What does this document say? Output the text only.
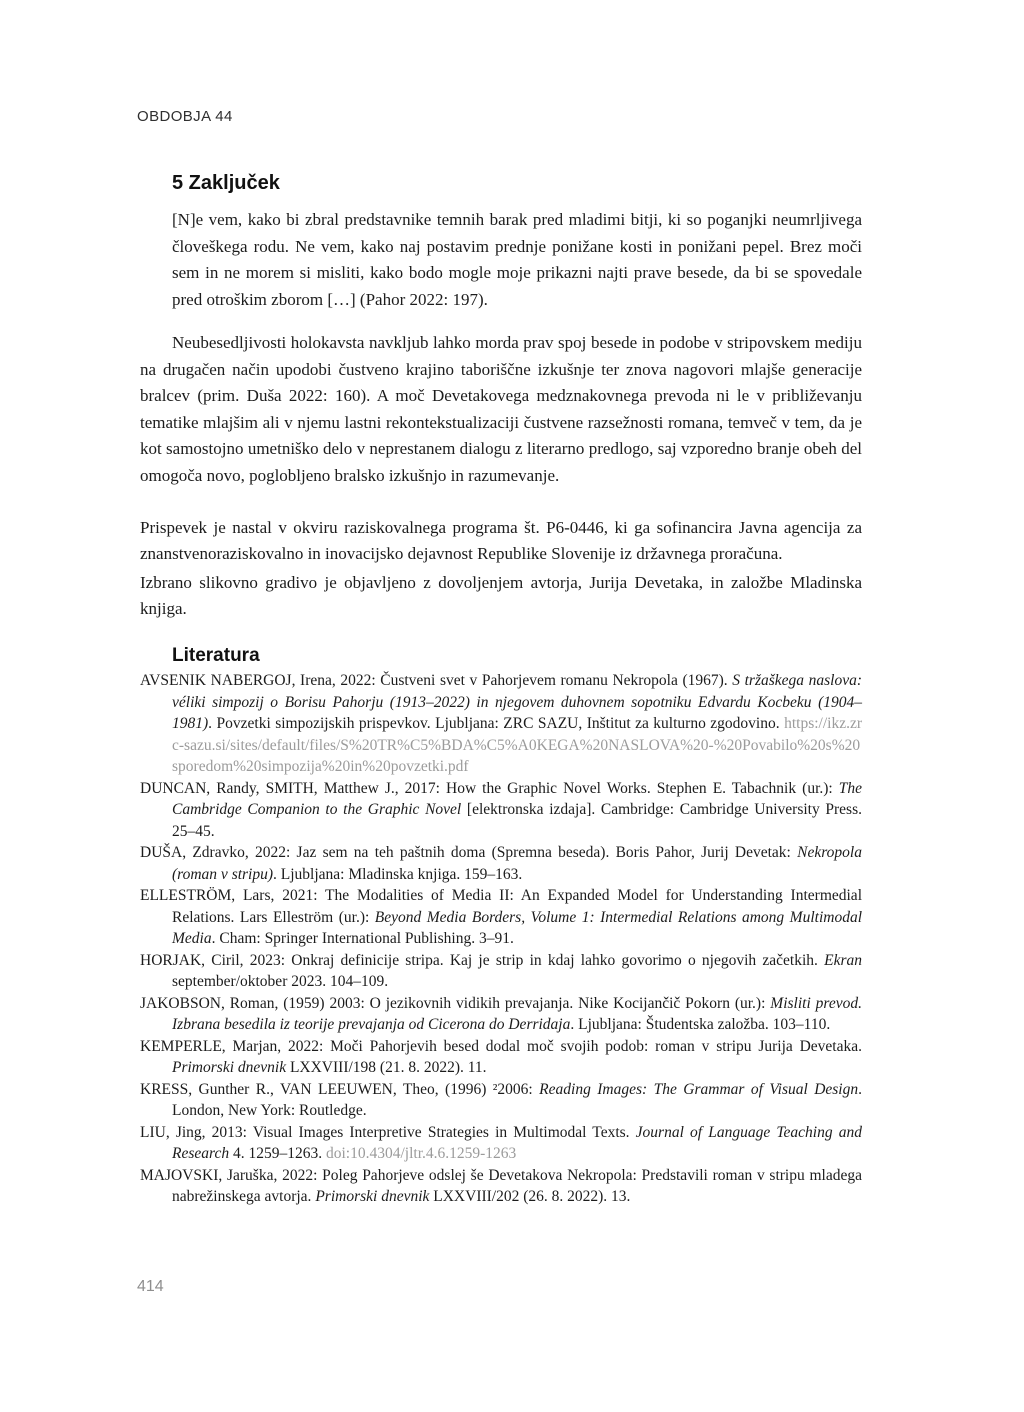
OBDOBJA 44
5 Zaključek

[N]e vem, kako bi zbral predstavnike temnih barak pred mladimi bitji, ki so poganjki neumrljivega človeškega rodu. Ne vem, kako naj postavim prednje ponižane kosti in ponižani pepel. Brez moči sem in ne morem si misliti, kako bodo mogle moje prikazni najti prave besede, da bi se spovedale pred otroškim zborom […] (Pahor 2022: 197).

Neubesedljivosti holokavsta navkljub lahko morda prav spoj besede in podobe v stripovskem mediju na drugačen način upodobi čustveno krajino taboriščne izkušnje ter znova nagovori mlajše generacije bralcev (prim. Duša 2022: 160). A moč Devetakovega medznakovnega prevoda ni le v približevanju tematike mlajšim ali v njemu lastni rekontekstualizaciji čustvene razsežnosti romana, temveč v tem, da je kot samostojno umetniško delo v neprestanem dialogu z literarno predlogo, saj vzporedno branje obeh del omogoča novo, poglobljeno bralsko izkušnjo in razumevanje.

Prispevek je nastal v okviru raziskovalnega programa št. P6-0446, ki ga sofinancira Javna agencija za znanstvenoraziskovalno in inovacijsko dejavnost Republike Slovenije iz državnega proračuna.

Izbrano slikovno gradivo je objavljeno z dovoljenjem avtorja, Jurija Devetaka, in založbe Mladinska knjiga.

Literatura
AVSENIK NABERGOJ, Irena, 2022: Čustveni svet v Pahorjevem romanu Nekropola (1967). S tržaškega naslova: véliki simpozij o Borisu Pahorju (1913–2022) in njegovem duhovnem sopotniku Edvardu Kocbeku (1904–1981). Povzetki simpozijskih prispevkov. Ljubljana: ZRC SAZU, Inštitut za kulturno zgodovino. https://ikz.zrc-sazu.si/sites/default/files/S%20TR%C5%BDA%C5%A0KEGA%20NASLOVA%20-%20Povabilo%20s%20sporedom%20simpozija%20in%20povzetki.pdf
DUNCAN, Randy, SMITH, Matthew J., 2017: How the Graphic Novel Works. Stephen E. Tabachnik (ur.): The Cambridge Companion to the Graphic Novel [elektronska izdaja]. Cambridge: Cambridge University Press. 25–45.
DUŠA, Zdravko, 2022: Jaz sem na teh paštnih doma (Spremna beseda). Boris Pahor, Jurij Devetak: Nekropola (roman v stripu). Ljubljana: Mladinska knjiga. 159–163.
ELLESTRÖM, Lars, 2021: The Modalities of Media II: An Expanded Model for Understanding Intermedial Relations. Lars Elleström (ur.): Beyond Media Borders, Volume 1: Intermedial Relations among Multimodal Media. Cham: Springer International Publishing. 3–91.
HORJAK, Ciril, 2023: Onkraj definicije stripa. Kaj je strip in kdaj lahko govorimo o njegovih začetkih. Ekran september/oktober 2023. 104–109.
JAKOBSON, Roman, (1959) 2003: O jezikovnih vidikih prevajanja. Nike Kocijančič Pokorn (ur.): Misliti prevod. Izbrana besedila iz teorije prevajanja od Cicerona do Derridaja. Ljubljana: Študentska založba. 103–110.
KEMPERLE, Marjan, 2022: Moči Pahorjevih besed dodal moč svojih podob: roman v stripu Jurija Devetaka. Primorski dnevnik LXXVIII/198 (21. 8. 2022). 11.
KRESS, Gunther R., VAN LEEUWEN, Theo, (1996) ²2006: Reading Images: The Grammar of Visual Design. London, New York: Routledge.
LIU, Jing, 2013: Visual Images Interpretive Strategies in Multimodal Texts. Journal of Language Teaching and Research 4. 1259–1263. doi:10.4304/jltr.4.6.1259-1263
MAJOVSKI, Jaruška, 2022: Poleg Pahorjeve odslej še Devetakova Nekropola: Predstavili roman v stripu mladega nabrežinskega avtorja. Primorski dnevnik LXXVIII/202 (26. 8. 2022). 13.
414
